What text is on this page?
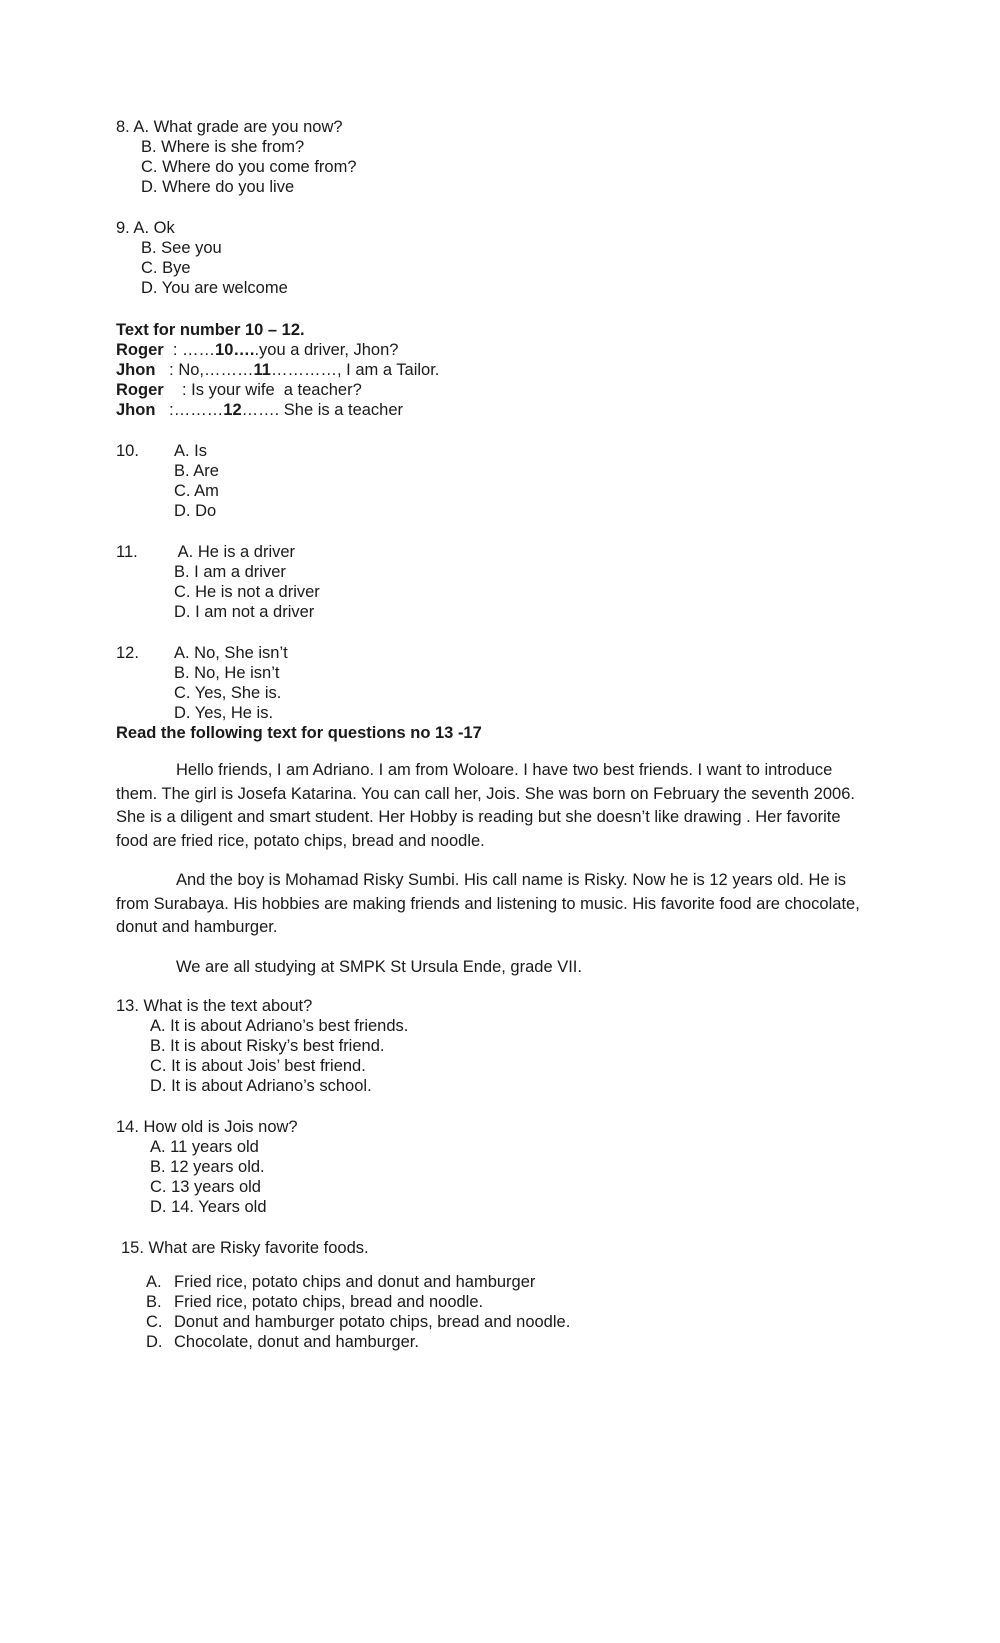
8. A. What grade are you now?
B. Where is she from?
C. Where do you come from?
D. Where do you live
9. A. Ok
B. See you
C. Bye
D. You are welcome
Text for number 10 – 12.
Roger  : ……10…..you a driver, Jhon?
Jhon   : No,………11…………, I am a Tailor.
Roger    : Is your wife  a teacher?
Jhon   :………12……. She is a teacher
10. A. Is
B. Are
C. Am
D. Do
11. A. He is a driver
B. I am a driver
C. He is not a driver
D. I am not a driver
12. A. No, She isn’t
B. No, He isn’t
C. Yes, She is.
D. Yes, He is.
Read the following text for questions no 13 -17
Hello friends, I am Adriano. I am from Woloare. I have two best friends. I want to introduce them. The girl is Josefa Katarina. You can call her, Jois. She was born on February the seventh 2006. She is a diligent and smart student. Her Hobby is reading but she doesn’t like drawing . Her favorite food are fried rice, potato chips, bread and noodle.
And the boy is Mohamad Risky Sumbi. His call name is Risky. Now he is 12 years old. He is from Surabaya. His hobbies are making friends and listening to music. His favorite food are chocolate, donut and hamburger.
We are all studying at SMPK St Ursula Ende, grade VII.
13. What is the text about?
A. It is about Adriano’s best friends.
B. It is about Risky’s best friend.
C. It is about Jois’ best friend.
D. It is about Adriano’s school.
14. How old is Jois now?
A. 11 years old
B. 12 years old.
C. 13 years old
D. 14. Years old
15. What are Risky favorite foods.
A. Fried rice, potato chips and donut and hamburger
B. Fried rice, potato chips, bread and noodle.
C. Donut and hamburger potato chips, bread and noodle.
D. Chocolate, donut and hamburger.
